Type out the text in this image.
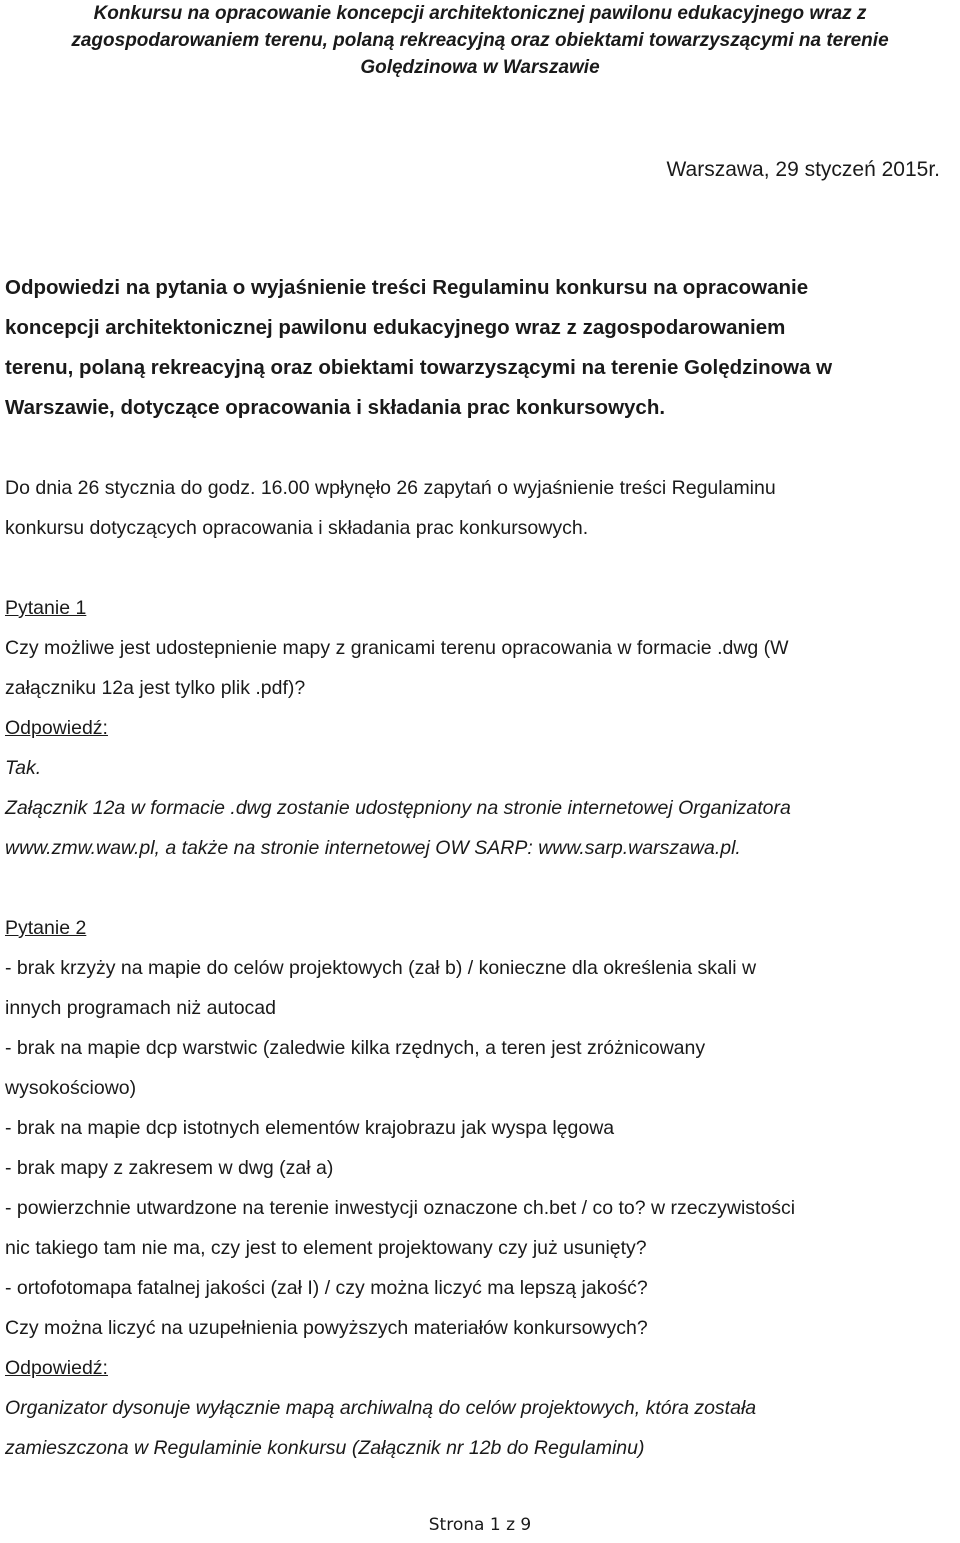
Konkursu na opracowanie koncepcji architektonicznej pawilonu edukacyjnego wraz z
zagospodarowaniem terenu, polaną rekreacyjną oraz obiektami towarzyszącymi na terenie
Golędzinowa w Warszawie
Warszawa, 29 styczeń 2015r.
Odpowiedzi na pytania o wyjaśnienie treści Regulaminu konkursu na opracowanie
koncepcji architektonicznej pawilonu edukacyjnego wraz z zagospodarowaniem
terenu, polaną rekreacyjną oraz obiektami towarzyszącymi na terenie Golędzinowa w
Warszawie, dotyczące opracowania i składania prac konkursowych.
Do dnia 26 stycznia do godz. 16.00 wpłynęło 26 zapytań o wyjaśnienie treści Regulaminu
konkursu dotyczących opracowania i składania prac konkursowych.
Pytanie 1
Czy możliwe jest udostepnienie mapy z granicami terenu opracowania w formacie .dwg (W
załączniku 12a jest tylko plik .pdf)?
Odpowiedź:
Tak.
Załącznik 12a w formacie .dwg zostanie udostępniony na stronie internetowej Organizatora
www.zmw.waw.pl, a także na stronie internetowej OW SARP: www.sarp.warszawa.pl.
Pytanie 2
- brak krzyży na mapie do celów projektowych (zał b) / konieczne dla określenia skali w
innych programach niż autocad
- brak na mapie dcp warstwic (zaledwie kilka rzędnych, a teren jest zróżnicowany
wysokościowo)
- brak na mapie dcp istotnych elementów krajobrazu jak wyspa lęgowa
- brak mapy z zakresem w dwg (zał a)
- powierzchnie utwardzone na terenie inwestycji oznaczone ch.bet / co to? w rzeczywistości
nic takiego tam nie ma, czy jest to element projektowany czy już usunięty?
- ortofotomapa fatalnej jakości (zał I) / czy można liczyć ma lepszą jakość?
Czy można liczyć na uzupełnienia powyższych materiałów konkursowych?
Odpowiedź:
Organizator dysonuje wyłącznie mapą archiwalną do celów projektowych, która została
zamieszczona w Regulaminie konkursu (Załącznik nr 12b do Regulaminu)
Strona 1 z 9
